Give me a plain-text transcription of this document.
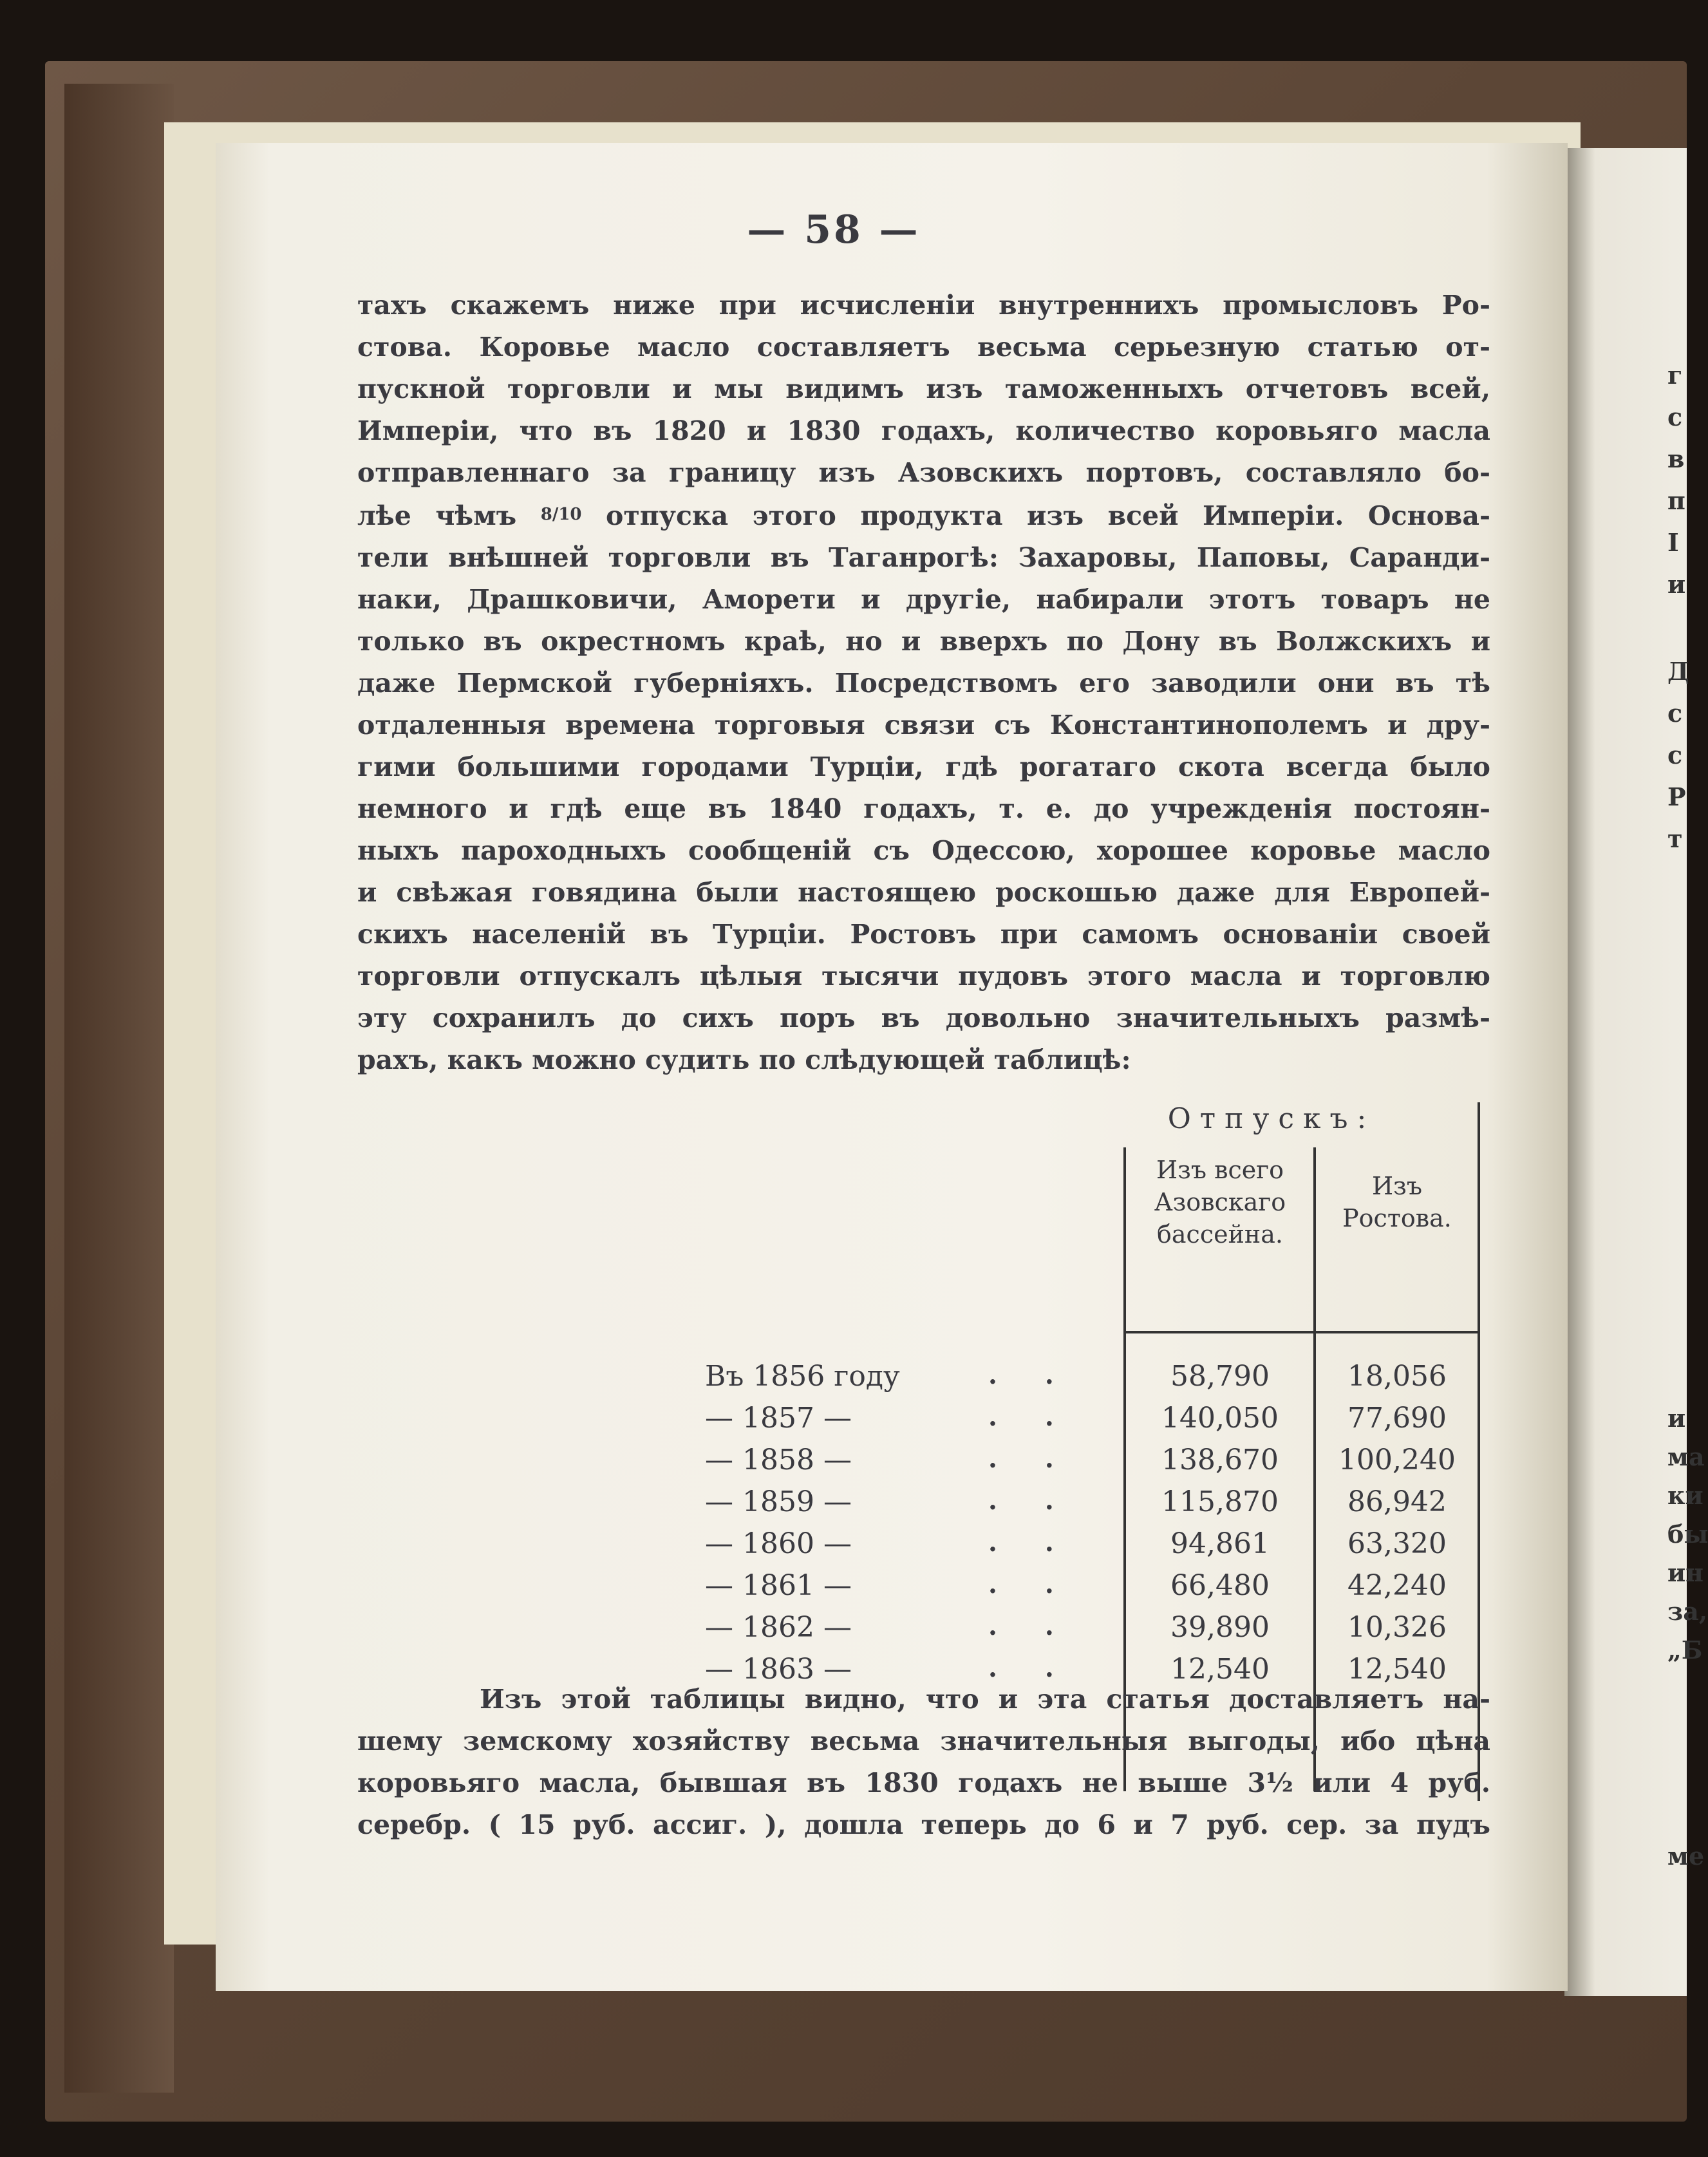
г
с
в
п
І
и
Д
с
с
Р
т
и
ма
ки
бы
ин
за,
„Б
ме
— 58 —
тахъ скажемъ ниже при исчисленіи внутреннихъ промысловъ Ро-
стова. Коровье масло составляетъ весьма серьезную статью от-
пускной торговли и мы видимъ изъ таможенныхъ отчетовъ всей,
Имперіи, что въ 1820 и 1830 годахъ, количество коровьяго масла
отправленнаго за границу изъ Азовскихъ портовъ, составляло бо-
лѣе чѣмъ 8/10 отпуска этого продукта изъ всей Имперіи. Основа-
тели внѣшней торговли въ Таганрогѣ: Захаровы, Паповы, Саранди-
наки, Драшковичи, Аморети и другіе, набирали этотъ товаръ не
только въ окрестномъ краѣ, но и вверхъ по Дону въ Волжскихъ и
даже Пермской губерніяхъ. Посредствомъ его заводили они въ тѣ
отдаленныя времена торговыя связи съ Константинополемъ и дру-
гими большими городами Турціи, гдѣ рогатаго скота всегда было
немного и гдѣ еще въ 1840 годахъ, т. е. до учрежденія постоян-
ныхъ пароходныхъ сообщеній съ Одессою, хорошее коровье масло
и свѣжая говядина были настоящею роскошью даже для Европей-
скихъ населеній въ Турціи. Ростовъ при самомъ основаніи своей
торговли отпускалъ цѣлыя тысячи пудовъ этого масла и торговлю
эту сохранилъ до сихъ поръ въ довольно значительныхъ размѣ-
рахъ, какъ можно судить по слѣдующей таблицѣ:
Отпускъ:
Изъ всего
Азовскаго
бассейна.
Изъ
Ростова.
Въ 1856 году	. .	58,790	18,056
— 1857 —	. .	140,050	77,690
— 1858 —	. .	138,670	100,240
— 1859 —	. .	115,870	86,942
— 1860 —	. .	94,861	63,320
— 1861 —	. .	66,480	42,240
— 1862 —	. .	39,890	10,326
— 1863 —	. .	12,540	12,540
Изъ этой таблицы видно, что и эта статья доставляетъ на-
шему земскому хозяйству весьма значительныя выгоды, ибо цѣна
коровьяго масла, бывшая въ 1830 годахъ не выше 3½ или 4 руб.
серебр. ( 15 руб. ассиг. ), дошла теперь до 6 и 7 руб. сер. за пудъ
